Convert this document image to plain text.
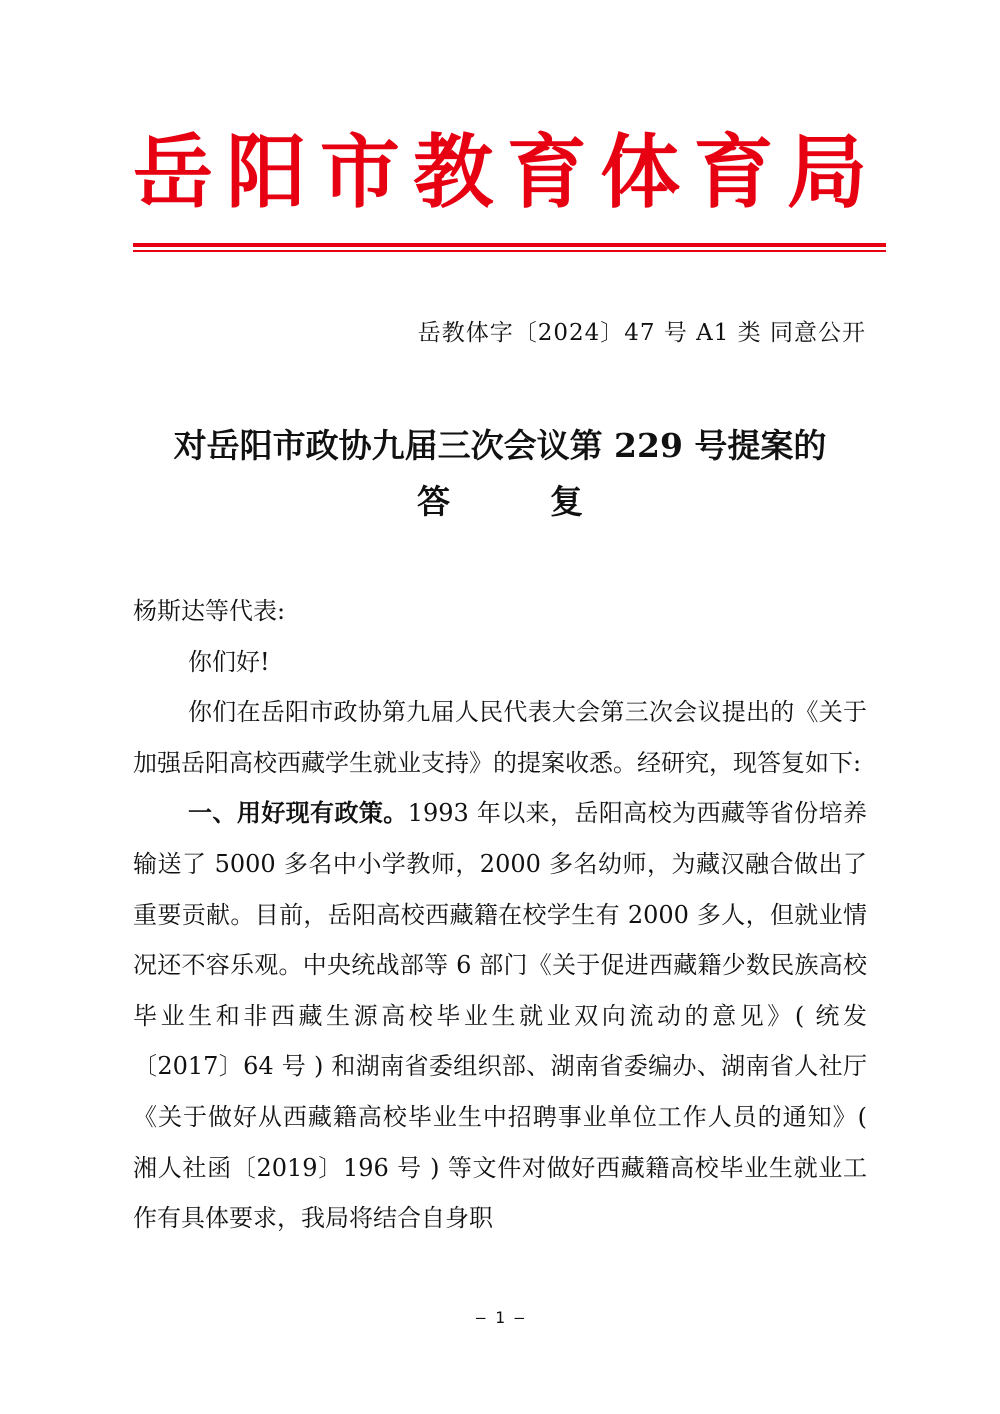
岳 阳 市 教 育 体 育 局
岳教体字〔2024〕47 号 A1 类 同意公开
对岳阳市政协九届三次会议第 229 号提案的
答	复

杨斯达等代表:

你们好!

你们在岳阳市政协第九届人民代表大会第三次会议提出的《关于加强岳阳高校西藏学生就业支持》的提案收悉。经研究，现答复如下:

一、用好现有政策。1993 年以来，岳阳高校为西藏等省份培养输送了 5000 多名中小学教师，2000 多名幼师，为藏汉融合做出了重要贡献。目前，岳阳高校西藏籍在校学生有 2000 多人，但就业情况还不容乐观。中央统战部等 6 部门《关于促进西藏籍少数民族高校毕业生和非西藏生源高校毕业生就业双向流动的意见》( 统发〔2017〕64 号 ) 和湖南省委组织部、湖南省委编办、湖南省人社厅《关于做好从西藏籍高校毕业生中招聘事业单位工作人员的通知》( 湘人社函〔2019〕196 号 ) 等文件对做好西藏籍高校毕业生就业工作有具体要求，我局将结合自身职

— 1 —
